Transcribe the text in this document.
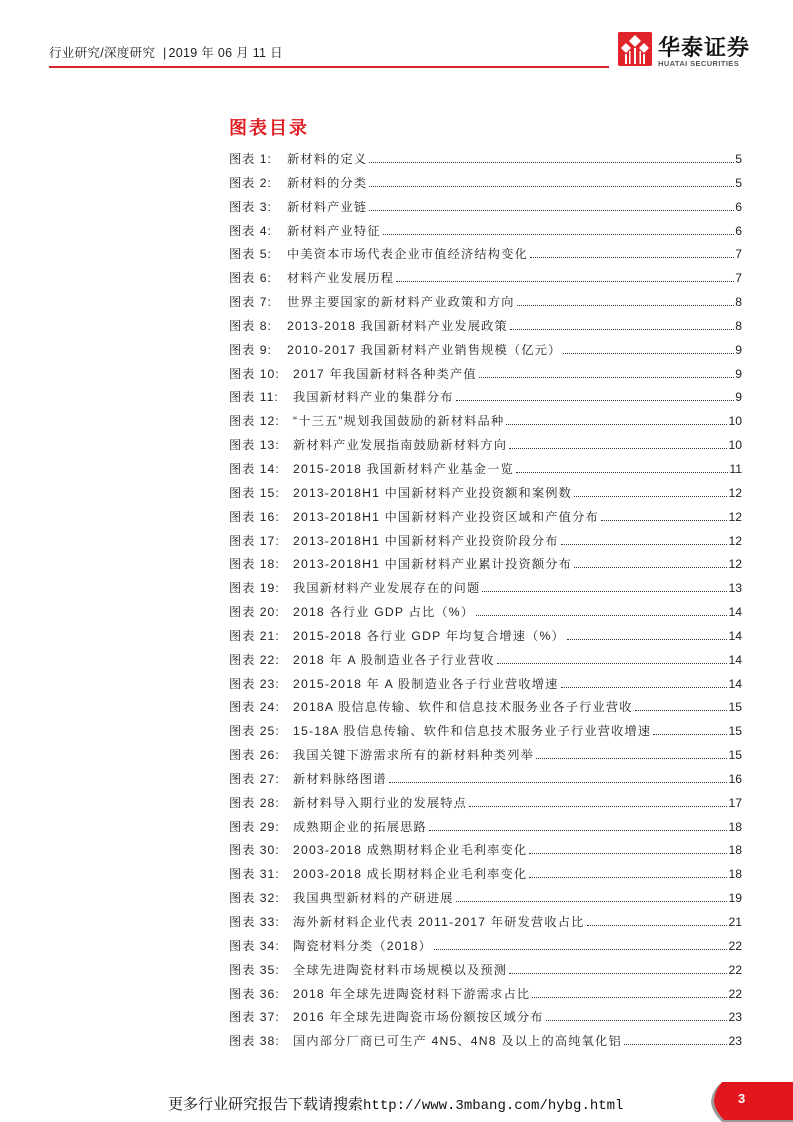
行业研究/深度研究 | 2019 年 06 月 11 日	华泰证券
HUATAI SECURITIES
图表目录
图表 1:	新材料的定义	5
图表 2:	新材料的分类	5
图表 3:	新材料产业链	6
图表 4:	新材料产业特征	6
图表 5:	中美资本市场代表企业市值经济结构变化	7
图表 6:	材料产业发展历程	7
图表 7:	世界主要国家的新材料产业政策和方向	8
图表 8:	2013-2018 我国新材料产业发展政策	8
图表 9:	2010-2017 我国新材料产业销售规模（亿元）	9
图表 10:	2017 年我国新材料各种类产值	9
图表 11:	我国新材料产业的集群分布	9
图表 12:	“十三五”规划我国鼓励的新材料品种	10
图表 13:	新材料产业发展指南鼓励新材料方向	10
图表 14:	2015-2018 我国新材料产业基金一览	11
图表 15:	2013-2018H1 中国新材料产业投资额和案例数	12
图表 16:	2013-2018H1 中国新材料产业投资区域和产值分布	12
图表 17:	2013-2018H1 中国新材料产业投资阶段分布	12
图表 18:	2013-2018H1 中国新材料产业累计投资额分布	12
图表 19:	我国新材料产业发展存在的问题	13
图表 20:	2018 各行业 GDP 占比（%）	14
图表 21:	2015-2018 各行业 GDP 年均复合增速（%）	14
图表 22:	2018 年 A 股制造业各子行业营收	14
图表 23:	2015-2018 年 A 股制造业各子行业营收增速	14
图表 24:	2018A 股信息传输、软件和信息技术服务业各子行业营收	15
图表 25:	15-18A 股信息传输、软件和信息技术服务业子行业营收增速	15
图表 26:	我国关键下游需求所有的新材料种类列举	15
图表 27:	新材料脉络图谱	16
图表 28:	新材料导入期行业的发展特点	17
图表 29:	成熟期企业的拓展思路	18
图表 30:	2003-2018 成熟期材料企业毛利率变化	18
图表 31:	2003-2018 成长期材料企业毛利率变化	18
图表 32:	我国典型新材料的产研进展	19
图表 33:	海外新材料企业代表 2011-2017 年研发营收占比	21
图表 34:	陶瓷材料分类（2018）	22
图表 35:	全球先进陶瓷材料市场规模以及预测	22
图表 36:	2018 年全球先进陶瓷材料下游需求占比	22
图表 37:	2016 年全球先进陶瓷市场份额按区域分布	23
图表 38:	国内部分厂商已可生产 4N5、4N8 及以上的高纯氧化铝	23
更多行业研究报告下载请搜索http://www.3mbang.com/hybg.html	3
